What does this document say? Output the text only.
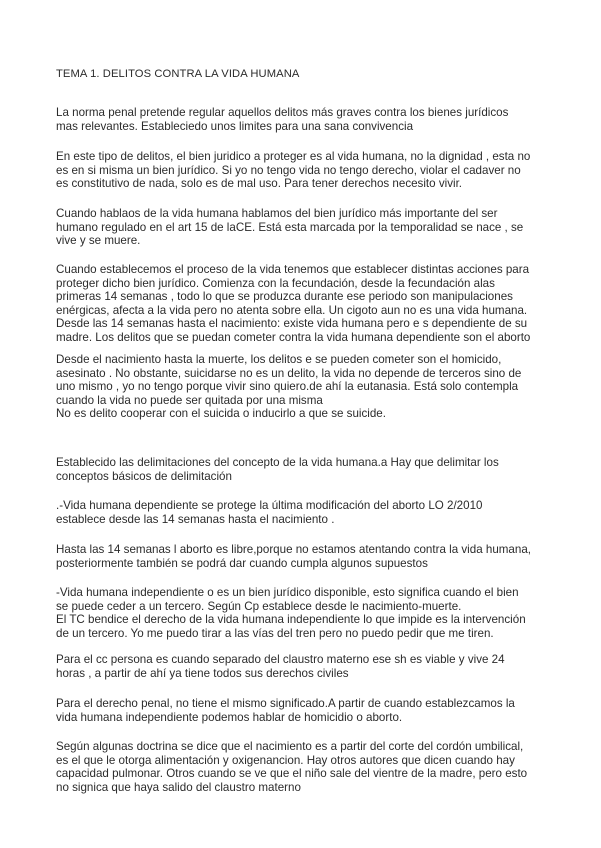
TEMA 1. DELITOS CONTRA LA VIDA HUMANA
La norma penal pretende regular aquellos delitos más graves contra los bienes jurídicos
mas relevantes. Estableciedo unos limites para una sana convivencia
En este tipo de delitos, el bien juridico a proteger es al vida humana, no la dignidad , esta no
es en si misma un bien jurídico. Si yo no tengo vida no tengo derecho, violar el cadaver no
es constitutivo de nada, solo es de mal uso. Para tener derechos necesito vivir.
Cuando hablaos de la vida humana hablamos del bien jurídico más importante del ser
humano regulado en el art 15 de laCE. Está esta marcada por la temporalidad se nace , se
vive y se muere.
Cuando establecemos el proceso de la vida tenemos que establecer distintas acciones para
proteger dicho bien jurídico. Comienza con la fecundación, desde la fecundación alas
primeras 14 semanas , todo lo que se produzca durante ese periodo son manipulaciones
enérgicas, afecta a la vida pero no atenta sobre ella. Un cigoto aun no es una vida humana.
Desde las 14 semanas hasta el nacimiento: existe vida humana pero e s dependiente de su
madre. Los delitos que se puedan cometer contra la vida humana dependiente son el aborto
Desde el nacimiento hasta la muerte, los delitos e se pueden cometer son el homicido,
asesinato . No obstante, suicidarse no es un delito, la vida no depende de terceros sino de
uno mismo , yo no tengo porque vivir sino quiero.de ahí la eutanasia. Está solo contempla
cuando la vida no puede ser quitada por una misma
No es delito cooperar con el suicida o inducirlo a que se suicide.
Establecido las delimitaciones del concepto de la vida humana.a Hay que delimitar los
conceptos básicos de delimitación
.-Vida humana dependiente se protege la última modificación del aborto LO 2/2010
establece desde las 14 semanas hasta el nacimiento .
Hasta las 14 semanas l aborto es libre,porque no estamos atentando contra la vida humana,
posteriormente también se podrá dar cuando cumpla algunos supuestos
-Vida humana independiente o es un bien jurídico disponible, esto significa cuando el bien
se puede ceder a un tercero. Según Cp establece desde le nacimiento-muerte.
El TC bendice el derecho de la vida humana independiente lo que impide es la intervención
de un tercero. Yo me puedo tirar a las vías del tren pero no puedo pedir que me tiren.
Para el cc persona es cuando separado del claustro materno ese sh es viable y vive 24
horas , a partir de ahí ya tiene todos sus derechos civiles
Para el derecho penal, no tiene el mismo significado.A partir de cuando establezcamos la
vida humana independiente podemos hablar de homicidio o aborto.
Según algunas doctrina se dice que el nacimiento es a partir del corte del cordón umbilical,
es el que le otorga alimentación y oxigenancion. Hay otros autores que dicen cuando hay
capacidad pulmonar. Otros cuando se ve que el niño sale del vientre de la madre, pero esto
no signica que haya salido del claustro materno
